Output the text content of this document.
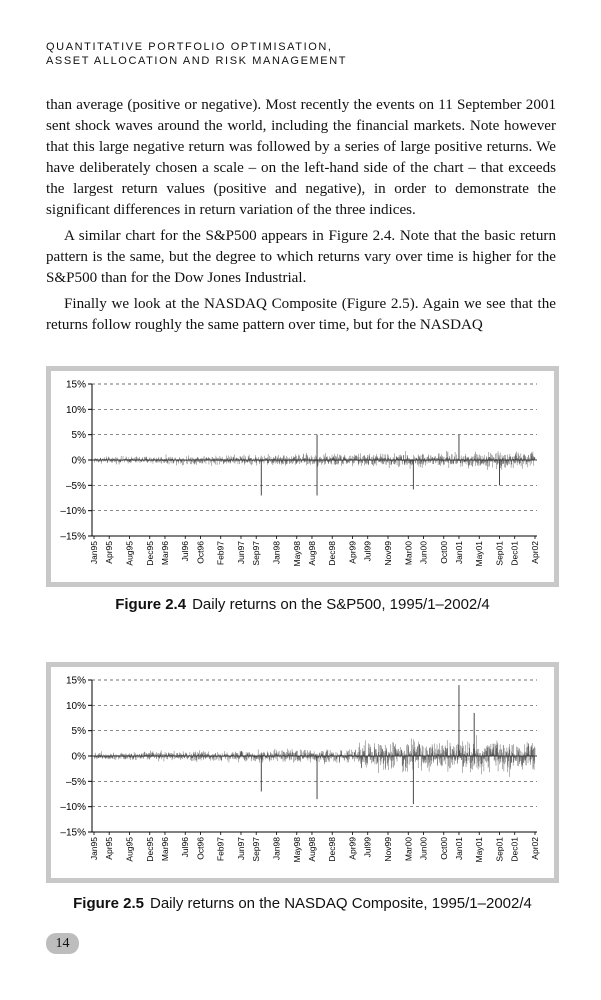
QUANTITATIVE PORTFOLIO OPTIMISATION,
ASSET ALLOCATION AND RISK MANAGEMENT

than average (positive or negative). Most recently the events on 11 September 2001 sent shock waves around the world, including the financial markets. Note however that this large negative return was followed by a series of large positive returns. We have deliberately chosen a scale – on the left-hand side of the chart – that exceeds the largest return values (positive and negative), in order to demonstrate the significant differences in return variation of the three indices.

A similar chart for the S&P500 appears in Figure 2.4. Note that the basic return pattern is the same, but the degree to which returns vary over time is higher for the S&P500 than for the Dow Jones Industrial.

Finally we look at the NASDAQ Composite (Figure 2.5). Again we see that the returns follow roughly the same pattern over time, but for the NASDAQ

15%
10%
5%
0%
–5%
–10%
–15%
Jan95 Apr95 Aug95 Dec95 Mar96 Jul96 Oct96 Feb97 Jun97 Sep97 Jan98 May98 Aug98 Dec98 Apr99 Jul99 Nov99 Mar00 Jun00 Oct00 Jan01 May01 Sep01 Dec01 Apr02
Figure 2.4 Daily returns on the S&P500, 1995/1–2002/4
15%
10%
5%
0%
–5%
–10%
–15%
Jan95 Apr95 Aug95 Dec95 Mar96 Jul96 Oct96 Feb97 Jun97 Sep97 Jan98 May98 Aug98 Dec98 Apr99 Jul99 Nov99 Mar00 Jun00 Oct00 Jan01 May01 Sep01 Dec01 Apr02
Figure 2.5 Daily returns on the NASDAQ Composite, 1995/1–2002/4
14
